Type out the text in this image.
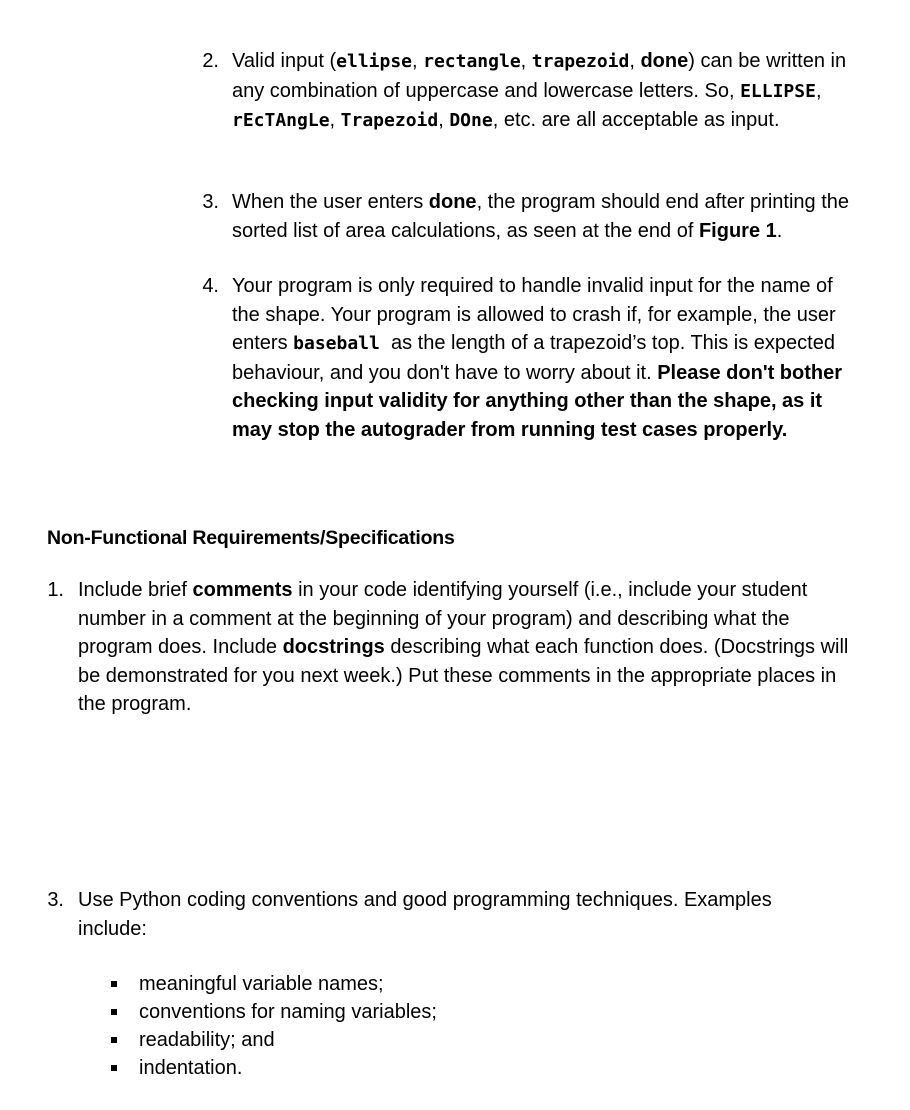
2. Valid input (ellipse, rectangle, trapezoid, done) can be written in any combination of uppercase and lowercase letters. So, ELLIPSE, rEcTAngLe, Trapezoid, DOne, etc. are all acceptable as input.
3. When the user enters done, the program should end after printing the sorted list of area calculations, as seen at the end of Figure 1.
4. Your program is only required to handle invalid input for the name of the shape. Your program is allowed to crash if, for example, the user enters baseball  as the length of a trapezoid’s top. This is expected behaviour, and you don't have to worry about it. Please don't bother checking input validity for anything other than the shape, as it may stop the autograder from running test cases properly.
Non-Functional Requirements/Specifications
1. Include brief comments in your code identifying yourself (i.e., include your student number in a comment at the beginning of your program) and describing what the program does. Include docstrings describing what each function does. (Docstrings will be demonstrated for you next week.) Put these comments in the appropriate places in the program.
3. Use Python coding conventions and good programming techniques. Examples include:
meaningful variable names;
conventions for naming variables;
readability; and
indentation.
